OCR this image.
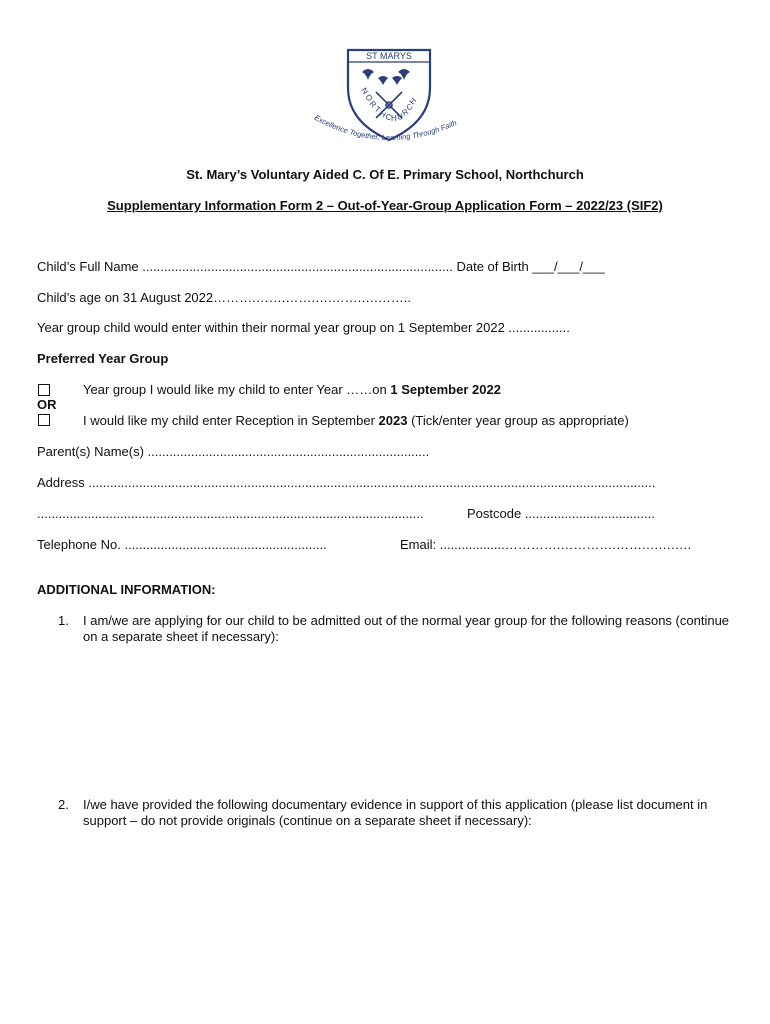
ST MARYS
N
O
R
T
H
C
H U
R
C
H
Excellence Together, Learning Through Faith
St. Mary’s Voluntary Aided C. Of E. Primary School, Northchurch
Supplementary Information Form 2 – Out-of-Year-Group Application Form – 2022/23 (SIF2)
Child’s Full Name ...................................................................................... Date of Birth ___/___/___
Child’s age on 31 August 2022……….…….…….….…….….……..
Year group child would enter within their normal year group on 1 September 2022 .................
Preferred Year Group
Year group I would like my child to enter Year ……on 1 September 2022
OR
I would like my child enter Reception in September 2023 (Tick/enter year group as appropriate)
Parent(s) Name(s) ..............................................................................
Address .............................................................................................................................................................
...........................................................................................................	Postcode ....................................
Telephone No. ........................................................	Email: ..................………….………….…….….….…
ADDITIONAL INFORMATION:
1. I am/we are applying for our child to be admitted out of the normal year group for the following reasons (continue on a separate sheet if necessary):
2. I/we have provided the following documentary evidence in support of this application (please list document in support – do not provide originals (continue on a separate sheet if necessary):
